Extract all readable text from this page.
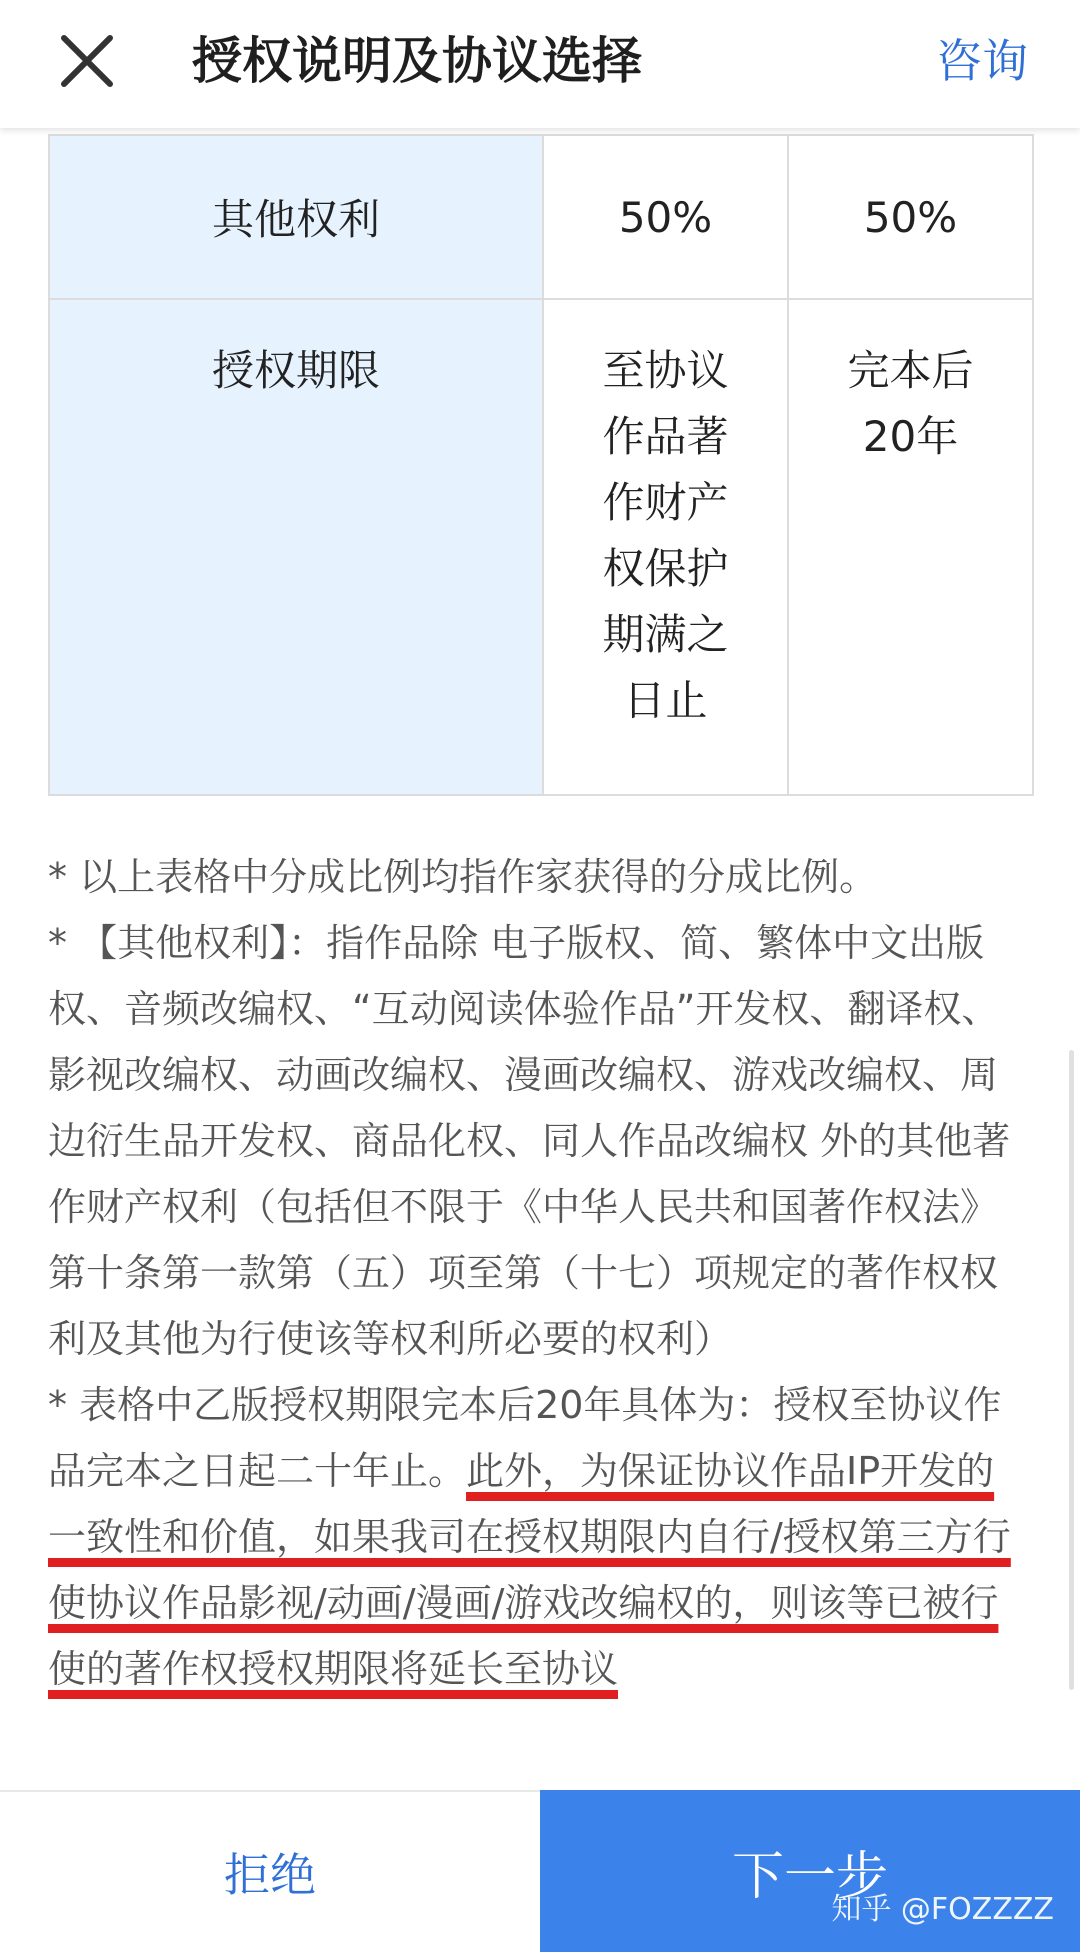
授权说明及协议选择	咨询
其他权利	50%	50%
授权期限	至协议作品著作财产权保护期满之日止	完本后20年

* 以上表格中分成比例均指作家获得的分成比例。

* 【其他权利】：指作品除 电子版权、简、繁体中文出版权、音频改编权、“互动阅读体验作品”开发权、翻译权、影视改编权、动画改编权、漫画改编权、游戏改编权、周边衍生品开发权、商品化权、同人作品改编权 外的其他著作财产权利（包括但不限于《中华人民共和国著作权法》第十条第一款第（五）项至第（十七）项规定的著作权权利及其他为行使该等权利所必要的权利）

* 表格中乙版授权期限完本后20年具体为：授权至协议作品完本之日起二十年止。此外，为保证协议作品IP开发的一致性和价值，如果我司在授权期限内自行/授权第三方行使协议作品影视/动画/漫画/游戏改编权的，则该等已被行使的著作权授权期限将延长至协议

拒绝	下一步
知乎 @FOZZZZ
